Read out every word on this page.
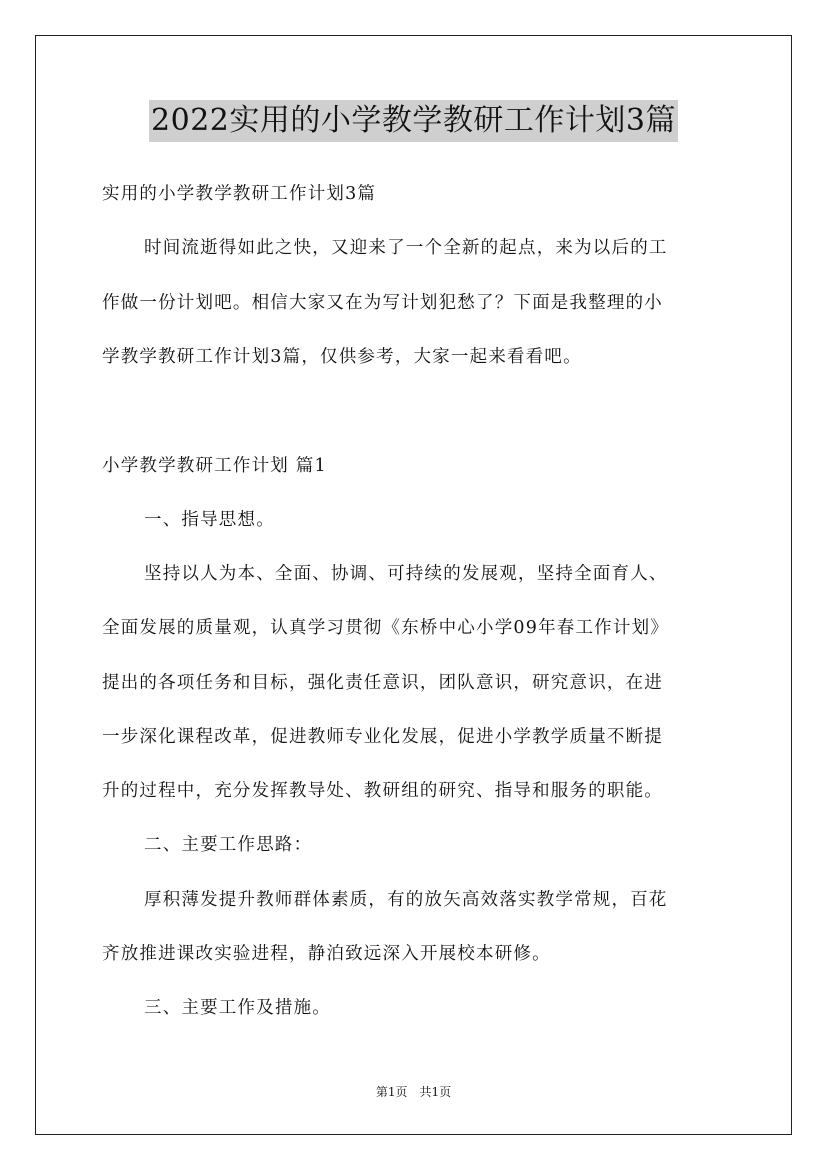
2022实用的小学教学教研工作计划3篇
实用的小学教学教研工作计划3篇
时间流逝得如此之快，又迎来了一个全新的起点，来为以后的工
作做一份计划吧。相信大家又在为写计划犯愁了？下面是我整理的小
学教学教研工作计划3篇，仅供参考，大家一起来看看吧。
小学教学教研工作计划 篇1
一、指导思想。
坚持以人为本、全面、协调、可持续的发展观，坚持全面育人、
全面发展的质量观，认真学习贯彻《东桥中心小学09年春工作计划》
提出的各项任务和目标，强化责任意识，团队意识，研究意识，在进
一步深化课程改革，促进教师专业化发展，促进小学教学质量不断提
升的过程中，充分发挥教导处、教研组的研究、指导和服务的职能。
二、主要工作思路：
厚积薄发提升教师群体素质，有的放矢高效落实教学常规，百花
齐放推进课改实验进程，静泊致远深入开展校本研修。
三、主要工作及措施。
第1页　共1页
